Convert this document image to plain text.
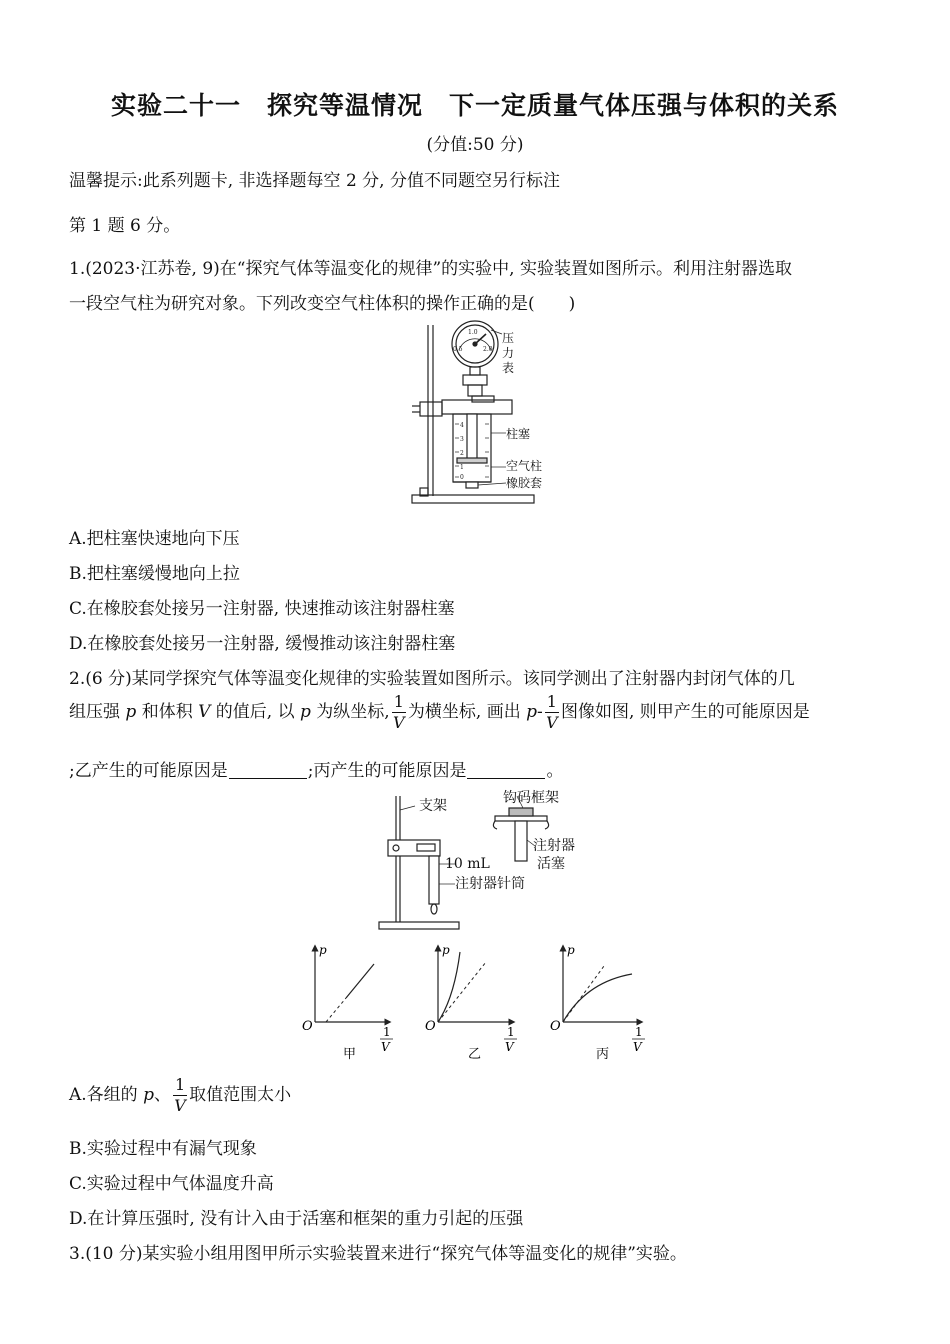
实验二十一　探究等温情况　下一定质量气体压强与体积的关系
(分值:50 分)
温馨提示:此系列题卡, 非选择题每空 2 分, 分值不同题空另行标注
第 1 题 6 分。
1.(2023·江苏卷, 9)在“探究气体等温变化的规律”的实验中, 实验装置如图所示。利用注射器选取
一段空气柱为研究对象。下列改变空气柱体积的操作正确的是(　　)
0.5
1.0
2.0
4
3
2
1
0
压
力
表
柱塞
空气柱
橡胶套
A.把柱塞快速地向下压
B.把柱塞缓慢地向上拉
C.在橡胶套处接另一注射器, 快速推动该注射器柱塞
D.在橡胶套处接另一注射器, 缓慢推动该注射器柱塞
2.(6 分)某同学探究气体等温变化规律的实验装置如图所示。该同学测出了注射器内封闭气体的几
组压强 p 和体积 V 的值后, 以 p 为纵坐标, $\frac{1}{V}$ 为横坐标, 画出 $p- \frac{1}{V}$ 图像如图, 则甲产生的可能原因是
;乙产生的可能原因是	;丙产生的可能原因是	。
支架	钩码框架
注射器
活塞
10 mL
注射器针筒
p
O	1
V
甲
p
O	1
V
乙
p
O	1
V
丙
A.各组的 p、 $\frac{1}{V}$ 取值范围太小
B.实验过程中有漏气现象
C.实验过程中气体温度升高
D.在计算压强时, 没有计入由于活塞和框架的重力引起的压强
3.(10 分)某实验小组用图甲所示实验装置来进行“探究气体等温变化的规律”实验。
